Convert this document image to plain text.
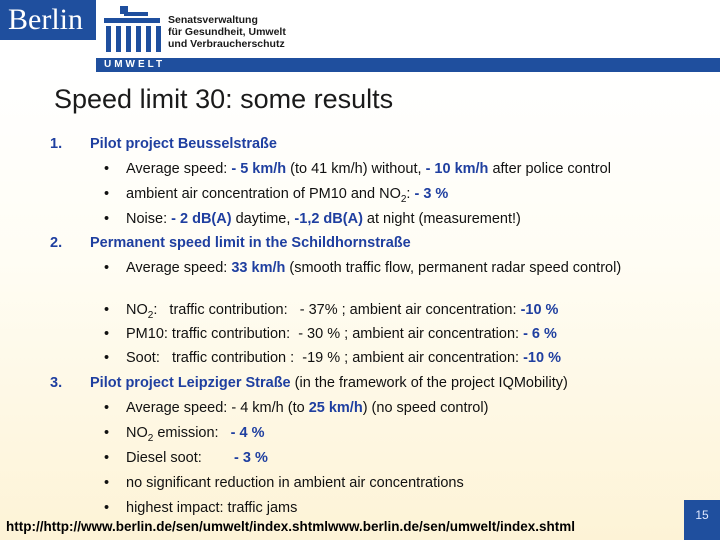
Berlin	Senatsverwaltung
für Gesundheit, Umwelt
und Verbraucherschutz
UMWELT
Speed limit 30: some results
1. Pilot project Beusselstraße
• Average speed: - 5 km/h (to 41 km/h) without, - 10 km/h after police control
• ambient air concentration of PM10 and $NO_2$: - 3 %
• Noise: - 2 dB(A) daytime, -1,2 dB(A) at night (measurement!)
2. Permanent speed limit in the Schildhornstraße
• Average speed: 33 km/h (smooth traffic flow, permanent radar speed control)
• $NO_2$:   traffic contribution:   - 37% ; ambient air concentration: -10 %
• PM10: traffic contribution:  - 30 % ; ambient air concentration: - 6 %
• Soot:   traffic contribution :  -19 % ; ambient air concentration: -10 %
3. Pilot project Leipziger Straße (in the framework of the project IQMobility)
• Average speed: - 4 km/h (to 25 km/h) (no speed control)
• $NO_2$ emission:   - 4 %
• Diesel soot:        - 3 %
• no significant reduction in ambient air concentrations
• highest impact: traffic jams	15
http://http://www.berlin.de/sen/umwelt/index.shtmlwww.berlin.de/sen/umwelt/index.shtml
